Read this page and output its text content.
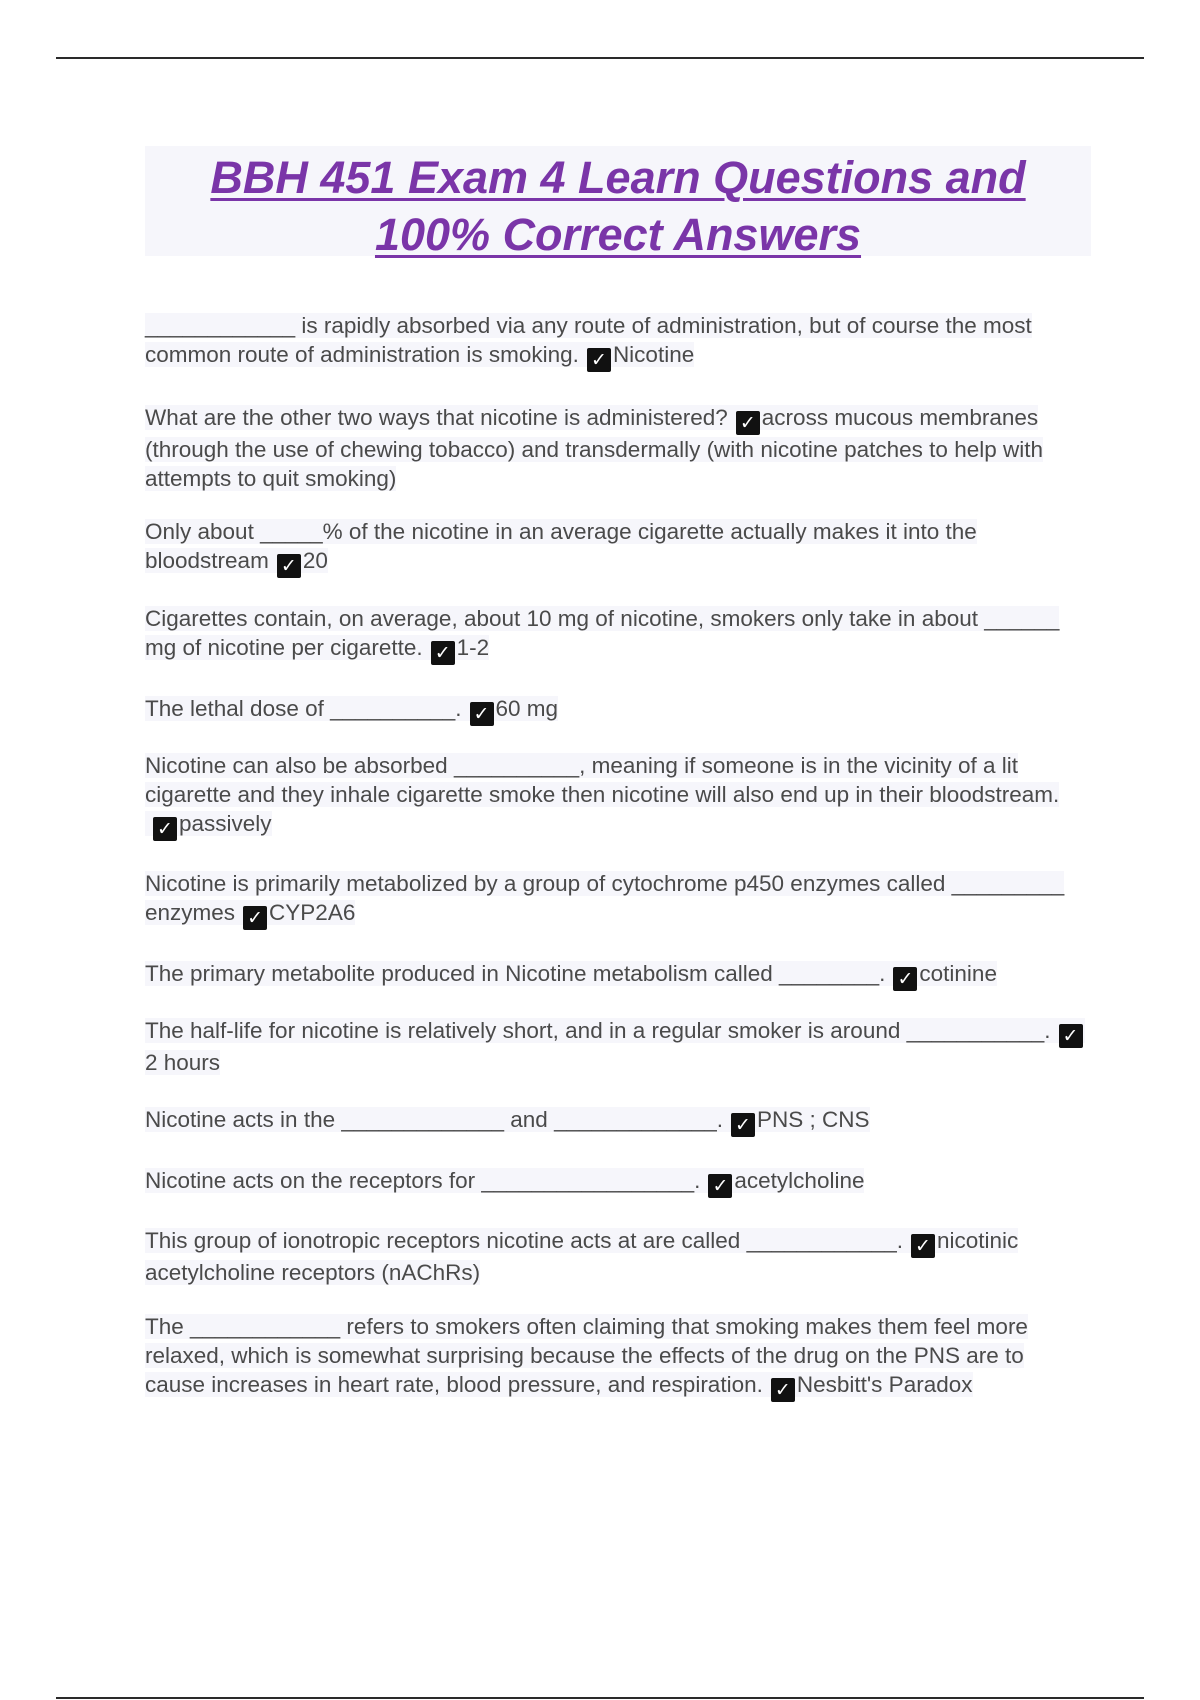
BBH 451 Exam 4 Learn Questions and
100% Correct Answers
____________ is rapidly absorbed via any route of administration, but of course the most common route of administration is smoking. ✓ Nicotine
What are the other two ways that nicotine is administered? ✓ across mucous membranes (through the use of chewing tobacco) and transdermally (with nicotine patches to help with attempts to quit smoking)
Only about _____% of the nicotine in an average cigarette actually makes it into the bloodstream ✓ 20
Cigarettes contain, on average, about 10 mg of nicotine, smokers only take in about ______ mg of nicotine per cigarette. ✓ 1-2
The lethal dose of __________. ✓ 60 mg
Nicotine can also be absorbed __________, meaning if someone is in the vicinity of a lit cigarette and they inhale cigarette smoke then nicotine will also end up in their bloodstream.✓ passively
Nicotine is primarily metabolized by a group of cytochrome p450 enzymes called _________ enzymes ✓ CYP2A6
The primary metabolite produced in Nicotine metabolism called ________. ✓ cotinine
The half-life for nicotine is relatively short, and in a regular smoker is around ___________. ✓2 hours
Nicotine acts in the _____________ and _____________. ✓ PNS ; CNS
Nicotine acts on the receptors for _________________. ✓ acetylcholine
This group of ionotropic receptors nicotine acts at are called ____________. ✓ nicotinic acetylcholine receptors (nAChRs)
The ____________ refers to smokers often claiming that smoking makes them feel more relaxed, which is somewhat surprising because the effects of the drug on the PNS are to cause increases in heart rate, blood pressure, and respiration. ✓ Nesbitt's Paradox
